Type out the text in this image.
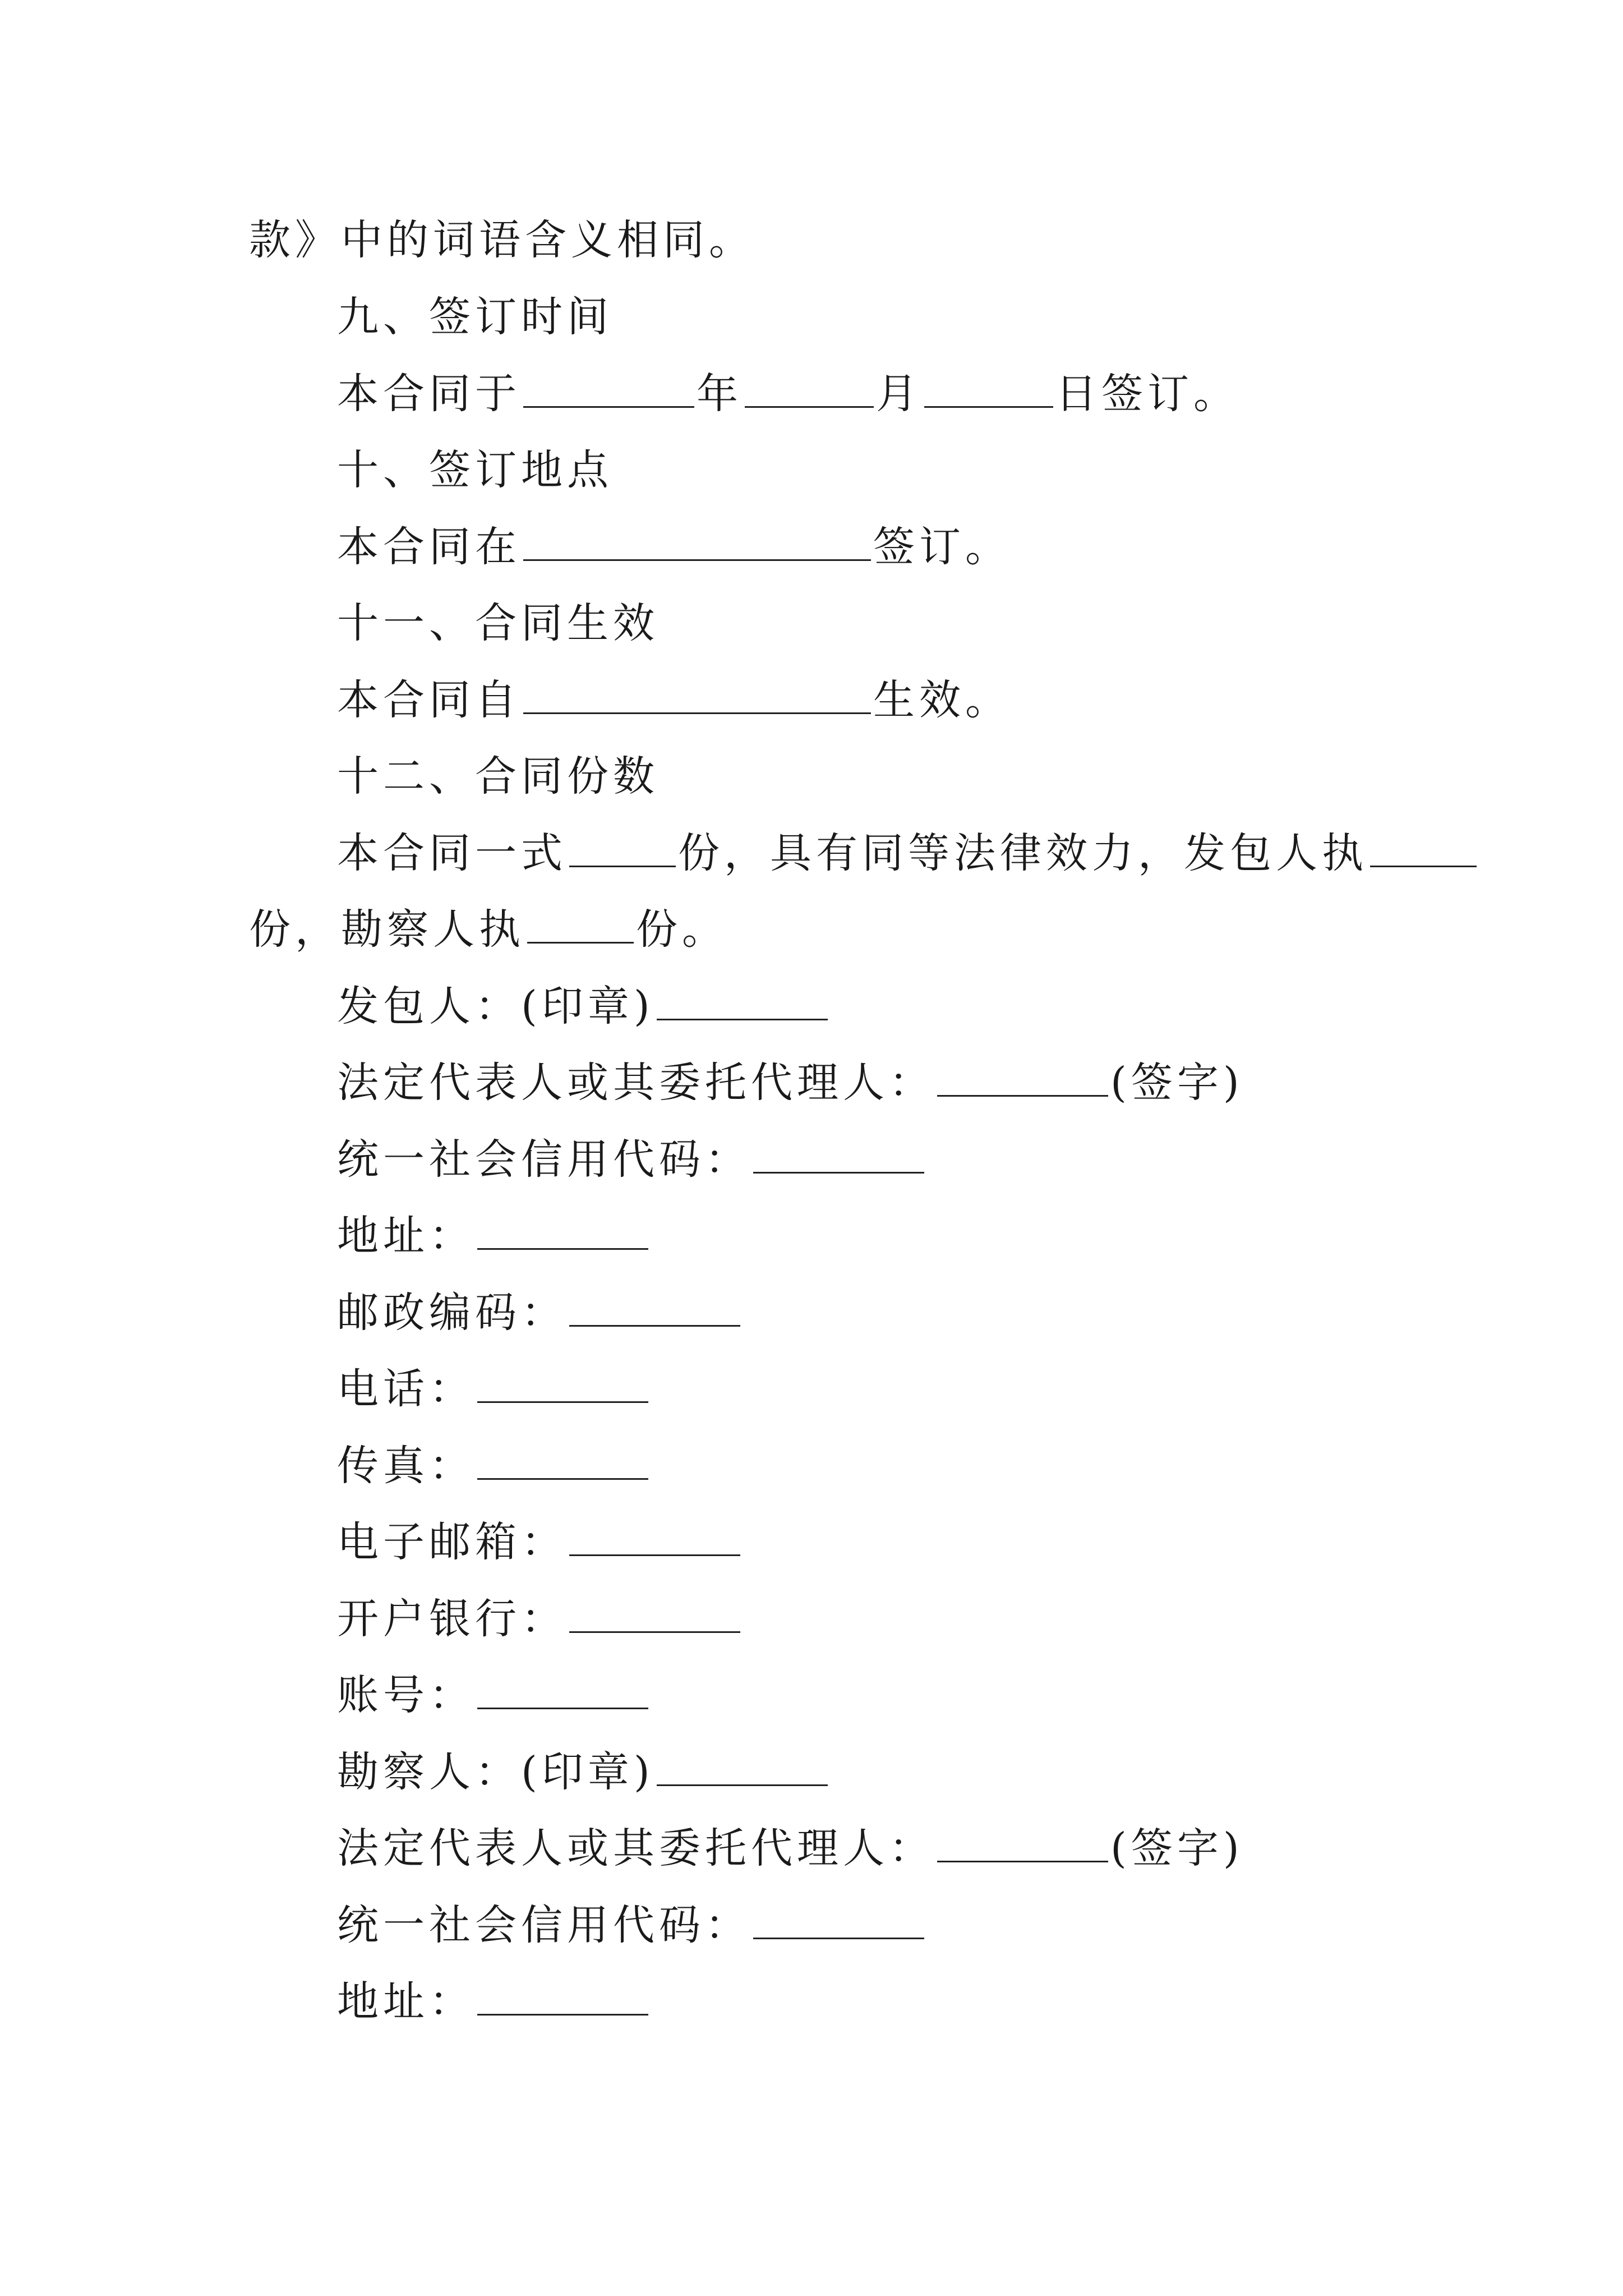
款》中的词语含义相同。
九、签订时间
本合同于	年	月	日签订。
十、签订地点
本合同在	签订。
十一、合同生效
本合同自	生效。
十二、合同份数
本合同一式	份，具有同等法律效力，发包人执
份，勘察人执	份。
发包人：(印章)
法定代表人或其委托代理人：	(签字)
统一社会信用代码：
地址：
邮政编码：
电话：
传真：
电子邮箱：
开户银行：
账号：
勘察人：(印章)
法定代表人或其委托代理人：	(签字)
统一社会信用代码：
地址：
